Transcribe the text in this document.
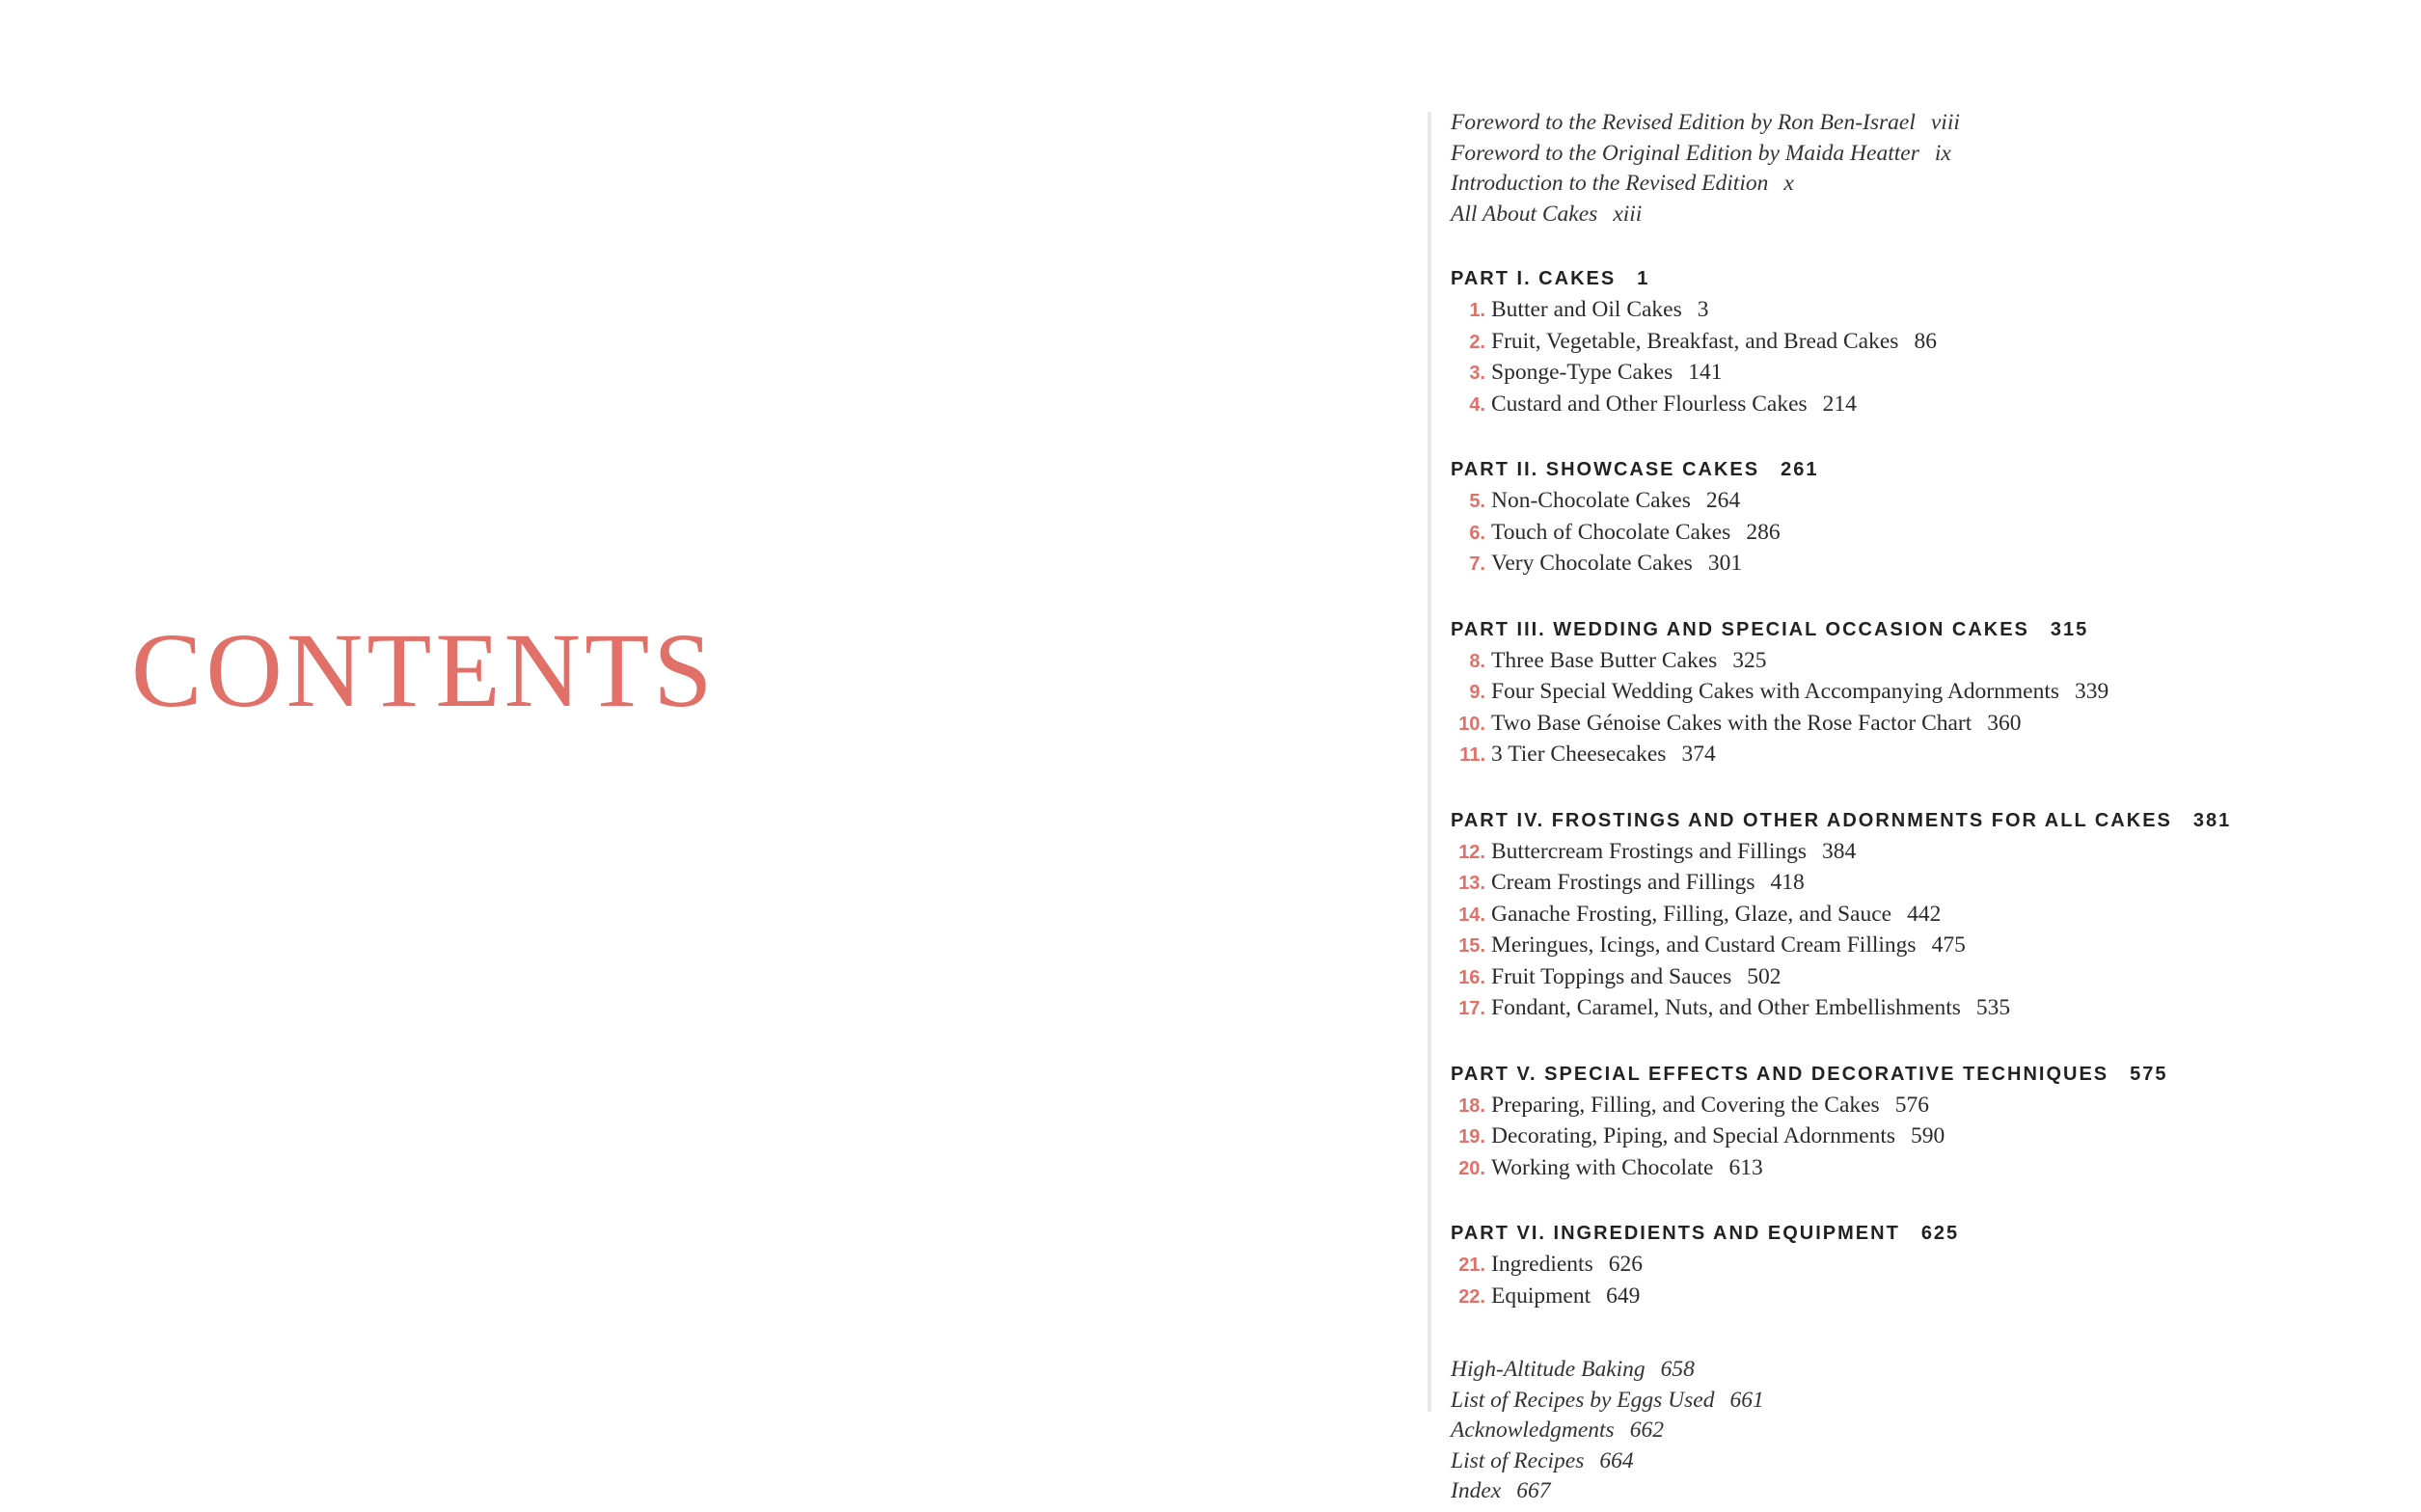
CONTENTS
Foreword to the Revised Edition by Ron Ben-Israel viii
Foreword to the Original Edition by Maida Heatter ix
Introduction to the Revised Edition x
All About Cakes xiii
PART I. CAKES 1
1. Butter and Oil Cakes 3
2. Fruit, Vegetable, Breakfast, and Bread Cakes 86
3. Sponge-Type Cakes 141
4. Custard and Other Flourless Cakes 214
PART II. SHOWCASE CAKES 261
5. Non-Chocolate Cakes 264
6. Touch of Chocolate Cakes 286
7. Very Chocolate Cakes 301
PART III. WEDDING AND SPECIAL OCCASION CAKES 315
8. Three Base Butter Cakes 325
9. Four Special Wedding Cakes with Accompanying Adornments 339
10. Two Base Génoise Cakes with the Rose Factor Chart 360
11. 3 Tier Cheesecakes 374
PART IV. FROSTINGS AND OTHER ADORNMENTS FOR ALL CAKES 381
12. Buttercream Frostings and Fillings 384
13. Cream Frostings and Fillings 418
14. Ganache Frosting, Filling, Glaze, and Sauce 442
15. Meringues, Icings, and Custard Cream Fillings 475
16. Fruit Toppings and Sauces 502
17. Fondant, Caramel, Nuts, and Other Embellishments 535
PART V. SPECIAL EFFECTS AND DECORATIVE TECHNIQUES 575
18. Preparing, Filling, and Covering the Cakes 576
19. Decorating, Piping, and Special Adornments 590
20. Working with Chocolate 613
PART VI. INGREDIENTS AND EQUIPMENT 625
21. Ingredients 626
22. Equipment 649
High-Altitude Baking 658
List of Recipes by Eggs Used 661
Acknowledgments 662
List of Recipes 664
Index 667
